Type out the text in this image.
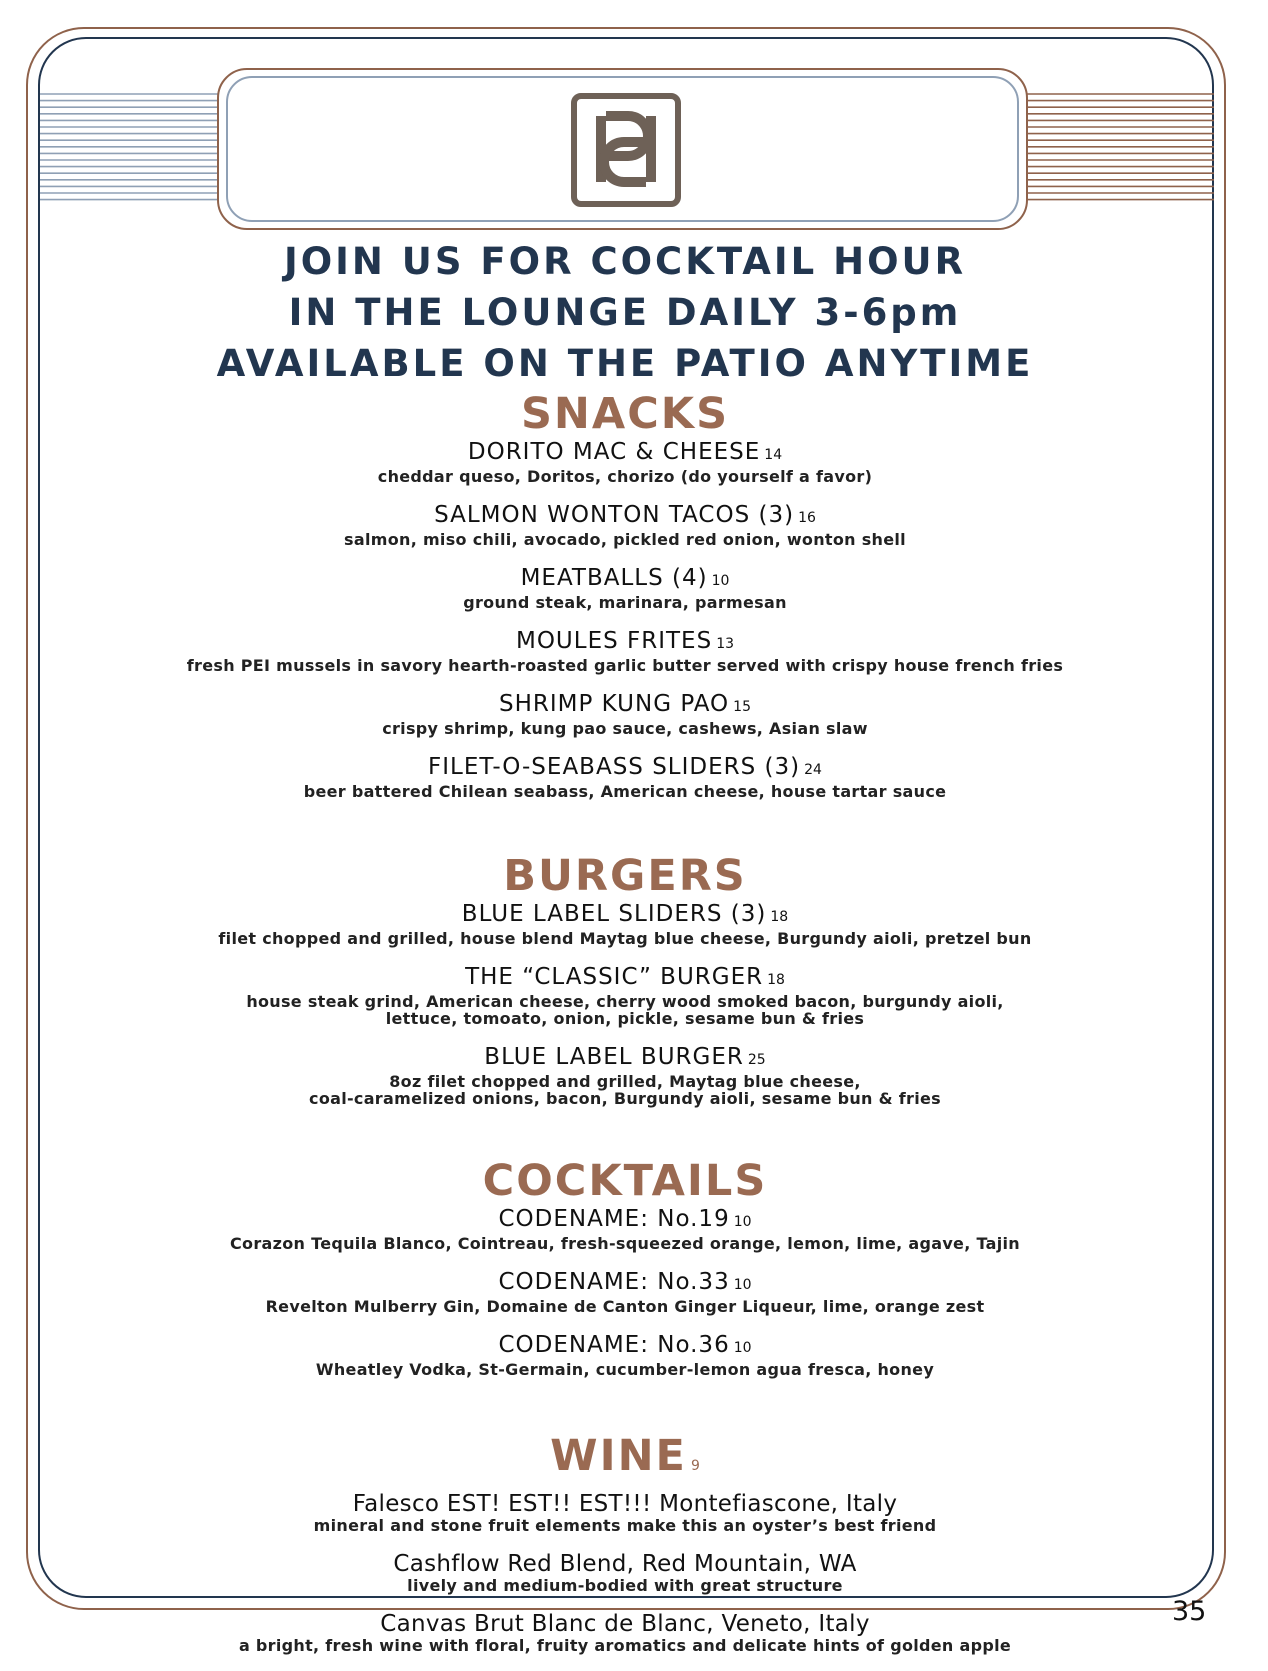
JOIN US FOR COCKTAIL HOUR
IN THE LOUNGE DAILY 3-6pm
AVAILABLE ON THE PATIO ANYTIME
SNACKS
DORITO MAC & CHEESE 14
cheddar queso, Doritos, chorizo (do yourself a favor)
SALMON WONTON TACOS (3) 16
salmon, miso chili, avocado, pickled red onion, wonton shell
MEATBALLS (4) 10
ground steak, marinara, parmesan
MOULES FRITES 13
fresh PEI mussels in savory hearth-roasted garlic butter served with crispy house french fries
SHRIMP KUNG PAO 15
crispy shrimp, kung pao sauce, cashews, Asian slaw
FILET-O-SEABASS SLIDERS (3) 24
beer battered Chilean seabass, American cheese, house tartar sauce
BURGERS
BLUE LABEL SLIDERS (3) 18
filet chopped and grilled, house blend Maytag blue cheese, Burgundy aioli, pretzel bun
THE “CLASSIC” BURGER 18
house steak grind, American cheese, cherry wood smoked bacon, burgundy aioli,
lettuce, tomoato, onion, pickle, sesame bun & fries
BLUE LABEL BURGER 25
8oz filet chopped and grilled, Maytag blue cheese,
coal-caramelized onions, bacon, Burgundy aioli, sesame bun & fries
COCKTAILS
CODENAME: No.19 10
Corazon Tequila Blanco, Cointreau, fresh-squeezed orange, lemon, lime, agave, Tajin
CODENAME: No.33 10
Revelton Mulberry Gin, Domaine de Canton Ginger Liqueur, lime, orange zest
CODENAME: No.36 10
Wheatley Vodka, St-Germain, cucumber-lemon agua fresca, honey
WINE 9
Falesco EST! EST!! EST!!! Montefiascone, Italy
mineral and stone fruit elements make this an oyster’s best friend
Cashflow Red Blend, Red Mountain, WA
lively and medium-bodied with great structure
Canvas Brut Blanc de Blanc, Veneto, Italy
a bright, fresh wine with floral, fruity aromatics and delicate hints of golden apple
35
